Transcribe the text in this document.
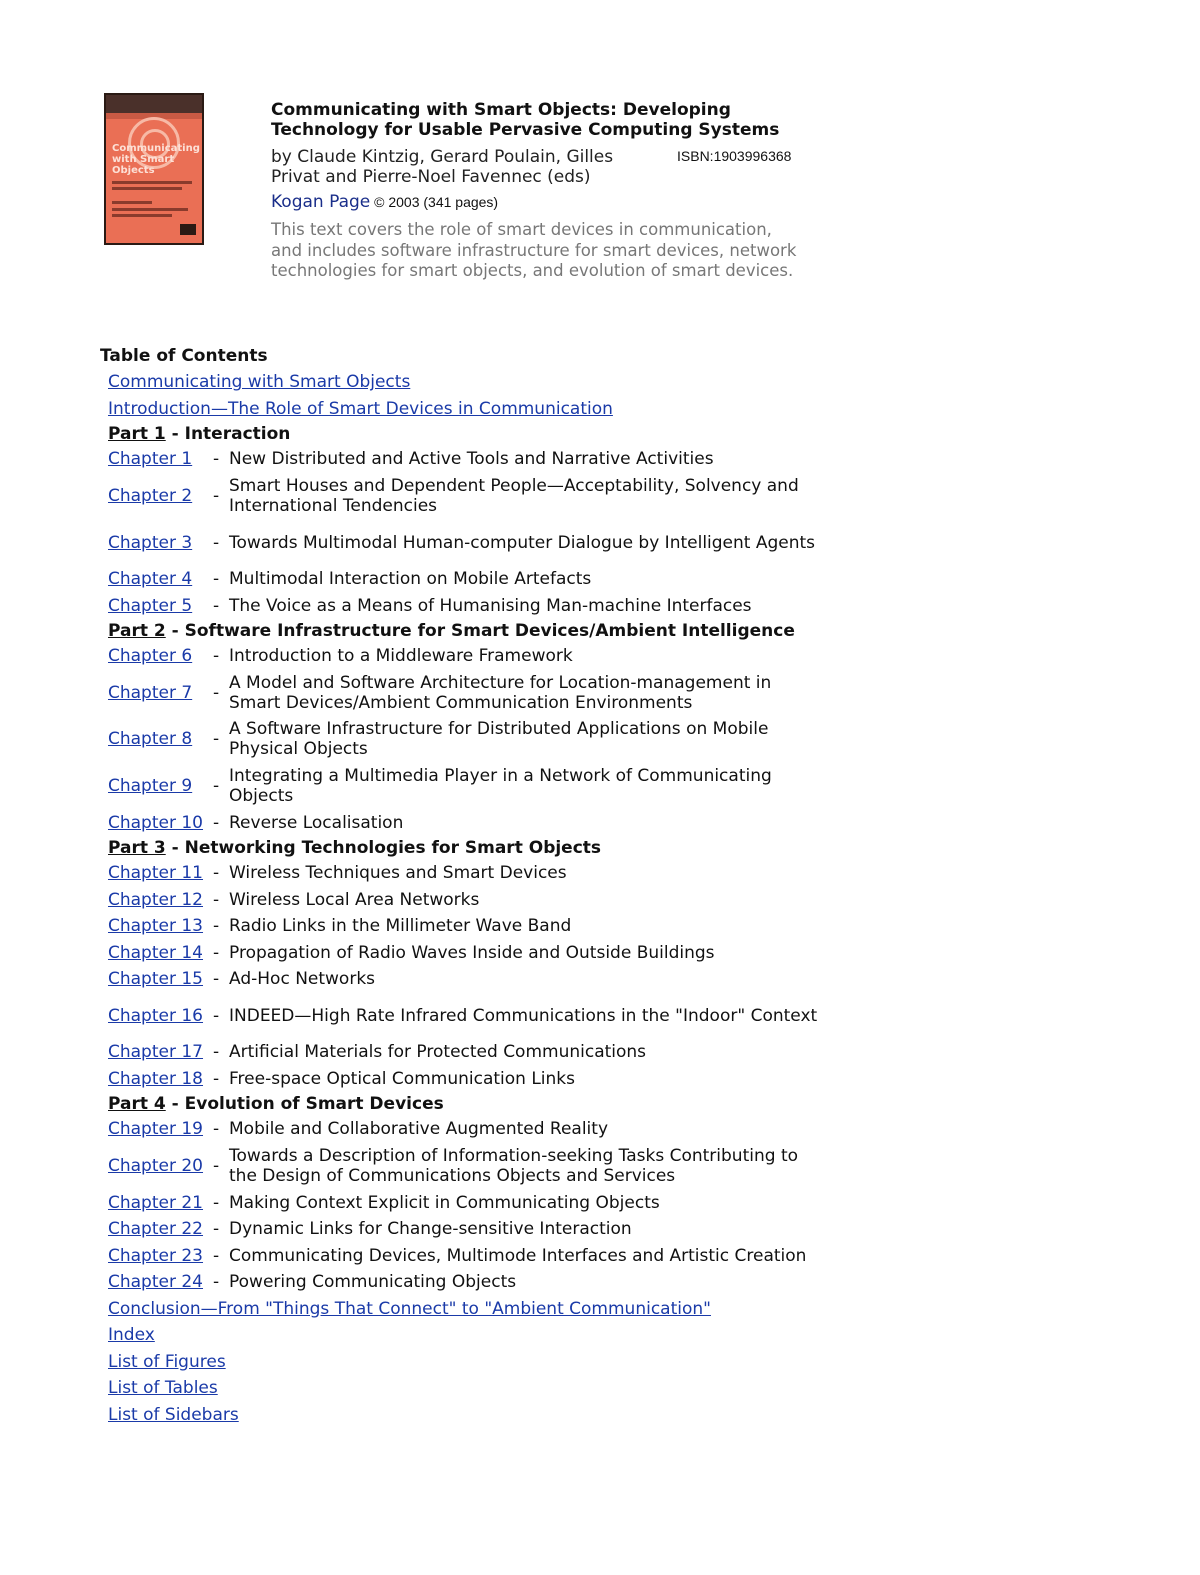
Communicating
with Smart
Objects
Communicating with Smart Objects: Developing Technology for Usable Pervasive Computing Systems
by Claude Kintzig, Gerard Poulain, Gilles Privat and Pierre-Noel Favennec (eds)
ISBN:1903996368
Kogan Page © 2003 (341 pages)
This text covers the role of smart devices in communication, and includes software infrastructure for smart devices, network technologies for smart objects, and evolution of smart devices.
Table of Contents
Communicating with Smart Objects
Introduction—The Role of Smart Devices in Communication
Part 1 - Interaction
Chapter 1	- New Distributed and Active Tools and Narrative Activities
Chapter 2	- Smart Houses and Dependent People—Acceptability, Solvency and International Tendencies
Chapter 3	- Towards Multimodal Human-computer Dialogue by Intelligent Agents
Chapter 4	- Multimodal Interaction on Mobile Artefacts
Chapter 5	- The Voice as a Means of Humanising Man-machine Interfaces
Part 2 - Software Infrastructure for Smart Devices/Ambient Intelligence
Chapter 6	- Introduction to a Middleware Framework
Chapter 7	- A Model and Software Architecture for Location-management in Smart Devices/Ambient Communication Environments
Chapter 8	- A Software Infrastructure for Distributed Applications on Mobile Physical Objects
Chapter 9	- Integrating a Multimedia Player in a Network of Communicating Objects
Chapter 10 - Reverse Localisation
Part 3 - Networking Technologies for Smart Objects
Chapter 11 - Wireless Techniques and Smart Devices
Chapter 12 - Wireless Local Area Networks
Chapter 13 - Radio Links in the Millimeter Wave Band
Chapter 14 - Propagation of Radio Waves Inside and Outside Buildings
Chapter 15 - Ad-Hoc Networks
Chapter 16 - INDEED—High Rate Infrared Communications in the "Indoor" Context
Chapter 17 - Artificial Materials for Protected Communications
Chapter 18 - Free-space Optical Communication Links
Part 4 - Evolution of Smart Devices
Chapter 19 - Mobile and Collaborative Augmented Reality
Chapter 20 - Towards a Description of Information-seeking Tasks Contributing to the Design of Communications Objects and Services
Chapter 21 - Making Context Explicit in Communicating Objects
Chapter 22 - Dynamic Links for Change-sensitive Interaction
Chapter 23 - Communicating Devices, Multimode Interfaces and Artistic Creation
Chapter 24 - Powering Communicating Objects
Conclusion—From "Things That Connect" to "Ambient Communication"
Index
List of Figures
List of Tables
List of Sidebars
